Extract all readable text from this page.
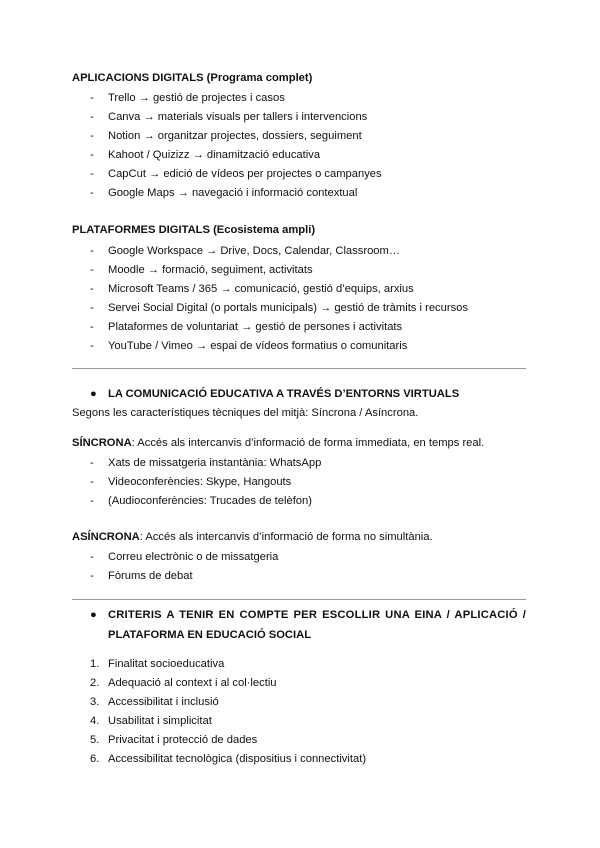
APLICACIONS DIGITALS (Programa complet)
- Trello → gestió de projectes i casos
- Canva → materials visuals per tallers i intervencions
- Notion → organitzar projectes, dossiers, seguiment
- Kahoot / Quizizz → dinamització educativa
- CapCut → edició de vídeos per projectes o campanyes
- Google Maps → navegació i informació contextual
PLATAFORMES DIGITALS (Ecosistema ampli)
- Google Workspace → Drive, Docs, Calendar, Classroom…
- Moodle → formació, seguiment, activitats
- Microsoft Teams / 365 → comunicació, gestió d’equips, arxius
- Servei Social Digital (o portals municipals) → gestió de tràmits i recursos
- Plataformes de voluntariat → gestió de persones i activitats
- YouTube / Vimeo → espai de vídeos formatius o comunitaris
● LA COMUNICACIÓ EDUCATIVA A TRAVÉS D’ENTORNS VIRTUALS
Segons les característiques tècniques del mitjà: Síncrona / Asíncrona.
SÍNCRONA: Accés als intercanvis d’informació de forma immediata, en temps real.
- Xats de missatgeria instantània: WhatsApp
- Videoconferències: Skype, Hangouts
- (Audioconferències: Trucades de telèfon)
ASÍNCRONA: Accés als intercanvis d’informació de forma no simultània.
- Correu electrònic o de missatgeria
- Fòrums de debat
● CRITERIS A TENIR EN COMPTE PER ESCOLLIR UNA EINA / APLICACIÓ /
PLATAFORMA EN EDUCACIÓ SOCIAL
1. Finalitat socioeducativa
2. Adequació al context i al col·lectiu
3. Accessibilitat i inclusió
4. Usabilitat i simplicitat
5. Privacitat i protecció de dades
6. Accessibilitat tecnològica (dispositius i connectivitat)
